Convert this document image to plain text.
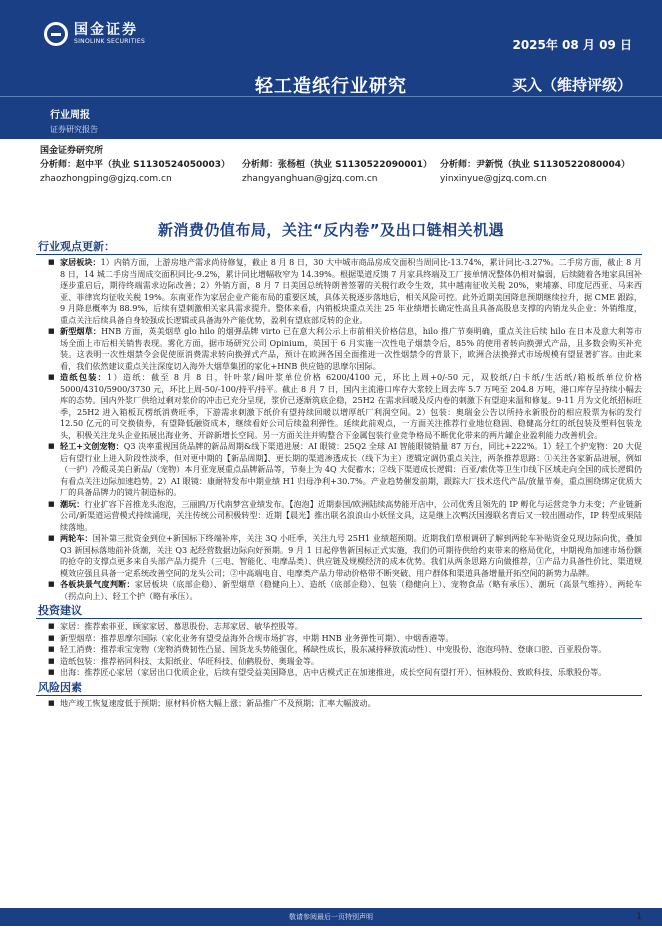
国金证券
SINOLINK SECURITIES	2025年 08 月 09 日
轻工造纸行业研究	买入（维持评级）
行业周报
证券研究报告
国金证券研究所
分析师：赵中平（执业 S1130524050003）
zhaozhongping@gjzq.com.cn
分析师：张杨桓（执业 S1130522090001）
zhangyanghuan@gjzq.com.cn
分析师：尹新悦（执业 S1130522080004）
yinxinyue@gjzq.com.cn
新消费仍值布局，关注“反内卷”及出口链相关机遇
行业观点更新：
■ 家居板块：1）内销方面，上游房地产需求尚待修复，截止 8 月 8 日，30 大中城市商品房成交面积当周同比-13.74%，累计同比-3.27%。二手房方面，截止 8 月 8 日，14 城二手房当周成交面积同比-9.2%，累计同比增幅收窄为 14.39%。根据渠道反馈 7 月家具终端及工厂接单情况整体仍相对偏弱，后续随着各地家具国补逐步重启后，期待终端需求边际改善；2）外销方面，8 月 7 日美国总统特朗普签署的关税行政令生效，其中越南征收关税 20%，柬埔寨、印度尼西亚、马来西亚、菲律宾均征收关税 19%。东南亚作为家居企业产能布局的重要区域，具体关税逐步落地后，相关风险可控。此外近期美国降息预期继续拉升，据 CME 跟踪，9 月降息概率为 88.9%，后续有望刺激相关家具需求提升。整体来看，内销板块重点关注 25 年业绩增长确定性高且具备高股息支撑的内销龙头企业；外销维度，重点关注后续具备自身较强成长逻辑或具备海外产能优势，盈利有望底部反转的企业。
■ 新型烟草：HNB 方面，英美烟草 glo hilo 的烟弹品牌 virto 已在意大利公示上市前相关价格信息，hilo 推广节奏明确，重点关注后续 hilo 在日本及意大利等市场全面上市后相关销售表现。雾化方面，据市场研究公司 Opinium，英国于 6 月实施一次性电子烟禁令后，85% 的使用者转向换弹式产品，且多数会购买补充装。这表明一次性烟禁令会促使原消费需求转向换弹式产品，预计在欧洲各国全面推进一次性烟禁令的背景下，欧洲合法换弹式市场规模有望显著扩容。由此来看，我们依然建议重点关注深度切入海外大烟草集团的家化+HNB 供应链的思摩尔国际。
■ 造纸包装：1）造纸：截至 8 月 8 日，针叶浆/阔叶浆单位价格 6200/4100 元，环比上周+0/-50 元，双胶纸/白卡纸/生活纸/箱板纸单位价格 5000/4310/5900/3730 元，环比上周-50/-100/持平/持平。截止 8 月 7 日，国内主流港口库存大浆较上周去库 5.7 万吨至 204.8 万吨，港口库存呈持续小幅去库的态势。国内外浆厂供给过剩对浆价的冲击已充分呈现，浆价已逐渐筑底企稳，25H2 在需求回暖及反内卷的刺激下有望迎来温和修复。9-11 月为文化纸招标旺季，25H2 进入箱板瓦楞纸消费旺季，下游需求刺激下纸价有望持续回暖以增厚纸厂利润空间。2）包装：奥瑞金公告以所持永新股份的相应股票为标的发行 12.50 亿元的可交换债券，有望降低融资成本，继续看好公司后续盈利弹性。延续此前观点，一方面关注推荐行业地位稳固、稳健高分红的纸包装及塑料包装龙头，积极关注龙头企业拓展出海业务、开辟新增长空间。另一方面关注并购整合下金属包装行业竞争格局不断优化带来的两片罐企业盈利能力改善机会。
■ 轻工+文创宠物：Q3 决率重视国货品牌的新品周期&线下渠道进展：AI 眼镜：25Q2 全球 AI 智能眼镜销量 87 万台，同比+222%。1）轻工个护宠物：20 大促后有望行业上进入阶段性淡季，但对更中期的【新品周期】、更长期的渠道渗透成长（线下为主）逻辑定调仍重点关注，两条推荐思路：①关注各家新品进展，例如（一护）冷酸灵美白新品/（宠物）本月亚宠展重点品牌新品等，节奏上为 4Q 大促蓄水；②线下渠道成长逻辑：百亚/索优等卫生巾线下区域走向全国的成长逻辑仍有看点关注边际加速趋势。2）AI 眼镜：康耐特发布中期业绩 H1 归母净利+30.7%。产业趋势催发前期，跟踪大厂技术迭代产品/放量节奏，重点围绕绑定优质大厂的具备品牌力的镜片制造标的。
■ 潮玩：行业扩容下首推龙头泡泡，三丽鸥/万代南梦宫业绩发布。【泡泡】近期泰国/欧洲陆续高势能开店中，公司优秀且领先的 IP 孵化与运营竞争力未变；产业链新公司/新渠道运营模式持续涌现，关注传统公司积极转型：近期【晨光】推出联名浪浪山小妖怪文具，这是继上次鸭沃国漫联名背后又一较出圈动作，IP 转型成果陆续落地。
■ 两轮车：国补第三批资金到位+新国标下终端补库，关注 3Q 小旺季，关注九号 25H1 业绩超预期。近期我们草根调研了解到两轮车补贴资金兑现边际向优，叠加 Q3 新国标落地前补货潮，关注 Q3 起经营数据边际向好预期。9 月 1 日起停售新国标正式实施，我们仍可期待供给约束带来的格局优化，中期视角加速市场份额的抢夺的支撑点更多来自头部产品力提升（三电、智能化、电摩品类）、供应链及规模经济的成本优势。我们从两条思路方向做推荐，①产品力具备性价比、渠道规模效应强且具备一定系统改善空间的龙头公司；②中高端电自、电摩类产品力带动价格带不断突破、用户群体和渠道具备增量开拓空间的新势力品牌。
■ 各板块景气度判断：家居板块（底部企稳）、新型烟草（稳健向上）、造纸（底部企稳）、包装（稳健向上）、宠物食品（略有承压）、潮玩（高景气维持）、两轮车（拐点向上）、轻工个护（略有承压）。
投资建议
■ 家居：推荐索菲亚、顾家家居、慕思股份、志邦家居、敏华控股等。
■ 新型烟草：推荐思摩尔国际（家化业务有望受益海外合规市场扩容，中期 HNB 业务弹性可期）、中烟香港等。
■ 轻工消费：推荐乖宝宠物（宠物消费韧性凸显、国货龙头势能强化，稀缺性成长，股东减持释放流动性）、中宠股份、泡泡玛特、登康口腔、百亚股份等。
■ 造纸包装：推荐裕同科技、太阳纸业、华旺科技、仙鹤股份、奥瑞金等。
■ 出海：推荐匠心家居（家居出口优质企业，后续有望受益美国降息，店中店模式正在加速推进，成长空间有望打开）、恒林股份、致欧科技、乐歌股份等。
风险因素
■ 地产竣工恢复速度低于预期；原材料价格大幅上涨；新品推广不及预期；汇率大幅波动。
敬请参阅最后一页特别声明	1
